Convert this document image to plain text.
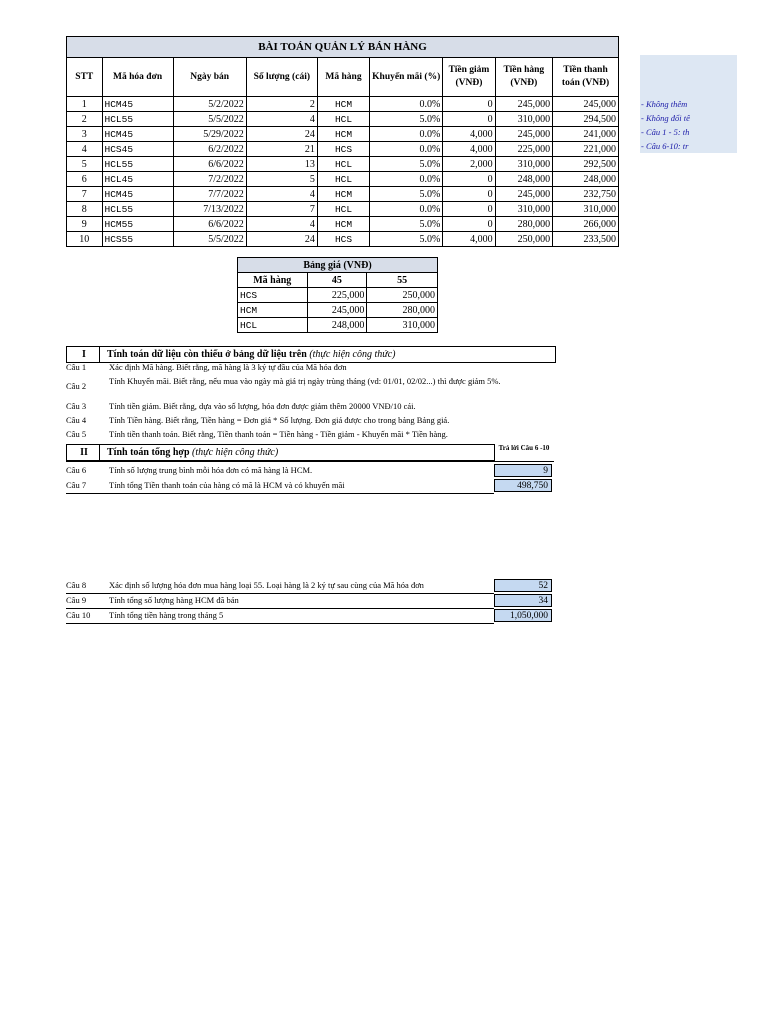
BÀI TOÁN QUẢN LÝ BÁN HÀNG								
STT	Mã hóa đơn	Ngày bán	Số lượng (cái)	Mã hàng	Khuyến mãi (%)	Tiền giảm (VNĐ)	Tiền hàng (VNĐ)	Tiền thanh toán (VNĐ)
1	HCM45	5/2/2022	2	HCM	0.0%	0	245,000	245,000
2	HCL55	5/5/2022	4	HCL	5.0%	0	310,000	294,500
3	HCM45	5/29/2022	24	HCM	0.0%	4,000	245,000	241,000
4	HCS45	6/2/2022	21	HCS	0.0%	4,000	225,000	221,000
5	HCL55	6/6/2022	13	HCL	5.0%	2,000	310,000	292,500
6	HCL45	7/2/2022	5	HCL	0.0%	0	248,000	248,000
7	HCM45	7/7/2022	4	HCM	5.0%	0	245,000	232,750
8	HCL55	7/13/2022	7	HCL	0.0%	0	310,000	310,000
9	HCM55	6/6/2022	4	HCM	5.0%	0	280,000	266,000
10	HCS55	5/5/2022	24	HCS	5.0%	4,000	250,000	233,500
- Không thêm
- Không đổi tê
- Câu 1 - 5: th
- Câu 6-10: tr
Bảng giá (VNĐ)		
Mã hàng	45	55
HCS	225,000	250,000
HCM	245,000	280,000
HCL	248,000	310,000
I	Tính toán dữ liệu còn thiếu ở bảng dữ liệu trên (thực hiện công thức)
Câu 1	Xác định Mã hàng. Biết rằng, mã hàng là 3 ký tự đầu của Mã hóa đơn
Câu 2	Tính Khuyến mãi. Biết rằng, nếu mua vào ngày mà giá trị ngày trùng tháng (vd: 01/01, 02/02...) thì được giảm 5%.
Câu 3	Tính tiền giảm. Biết rằng, dựa vào số lượng, hóa đơn được giảm thêm 20000 VNĐ/10 cái.
Câu 4	Tính Tiền hàng. Biết rằng, Tiền hàng = Đơn giá * Số lượng. Đơn giá được cho trong bảng Bảng giá.
Câu 5	Tính tiền thanh toán. Biết rằng, Tiền thanh toán = Tiền hàng - Tiền giảm - Khuyến mãi * Tiền hàng.
II	Tính toán tổng hợp (thực hiện công thức)	Trả lời Câu 6 -10
Câu 6	Tính số lượng trung bình mỗi hóa đơn có mã hàng là HCM.	9
Câu 7	Tính tổng Tiền thanh toán của hàng có mã là HCM và có khuyến mãi	498,750
Câu 8	Xác định số lượng hóa đơn mua hàng loại 55. Loại hàng là 2 ký tự sau cùng của Mã hóa đơn	52
Câu 9	Tính tổng số lượng hàng HCM đã bán	34
Câu 10	Tính tổng tiền hàng trong tháng 5	1,050,000
